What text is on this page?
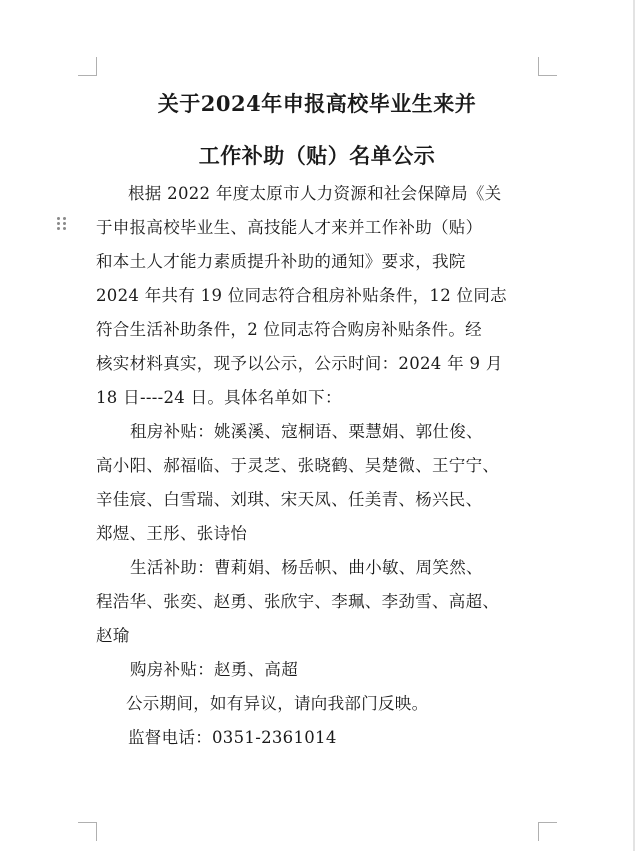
关于2024年申报高校毕业生来并
工作补助（贴）名单公示
根据 2022 年度太原市人力资源和社会保障局《关
于申报高校毕业生、高技能人才来并工作补助（贴）
和本土人才能力素质提升补助的通知》要求，我院
2024 年共有 19 位同志符合租房补贴条件，12 位同志
符合生活补助条件，2 位同志符合购房补贴条件。经
核实材料真实，现予以公示，公示时间：2024 年 9 月
18 日----24 日。具体名单如下：
租房补贴：姚溪溪、寇桐语、栗慧娟、郭仕俊、
高小阳、郝福临、于灵芝、张晓鹤、吴楚微、王宁宁、
辛佳宸、白雪瑞、刘琪、宋天凤、任美青、杨兴民、
郑煜、王彤、张诗怡
生活补助：曹莉娟、杨岳帜、曲小敏、周笑然、
程浩华、张奕、赵勇、张欣宇、李珮、李劲雪、高超、
赵瑜
购房补贴：赵勇、高超
公示期间，如有异议，请向我部门反映。
监督电话：0351-2361014
